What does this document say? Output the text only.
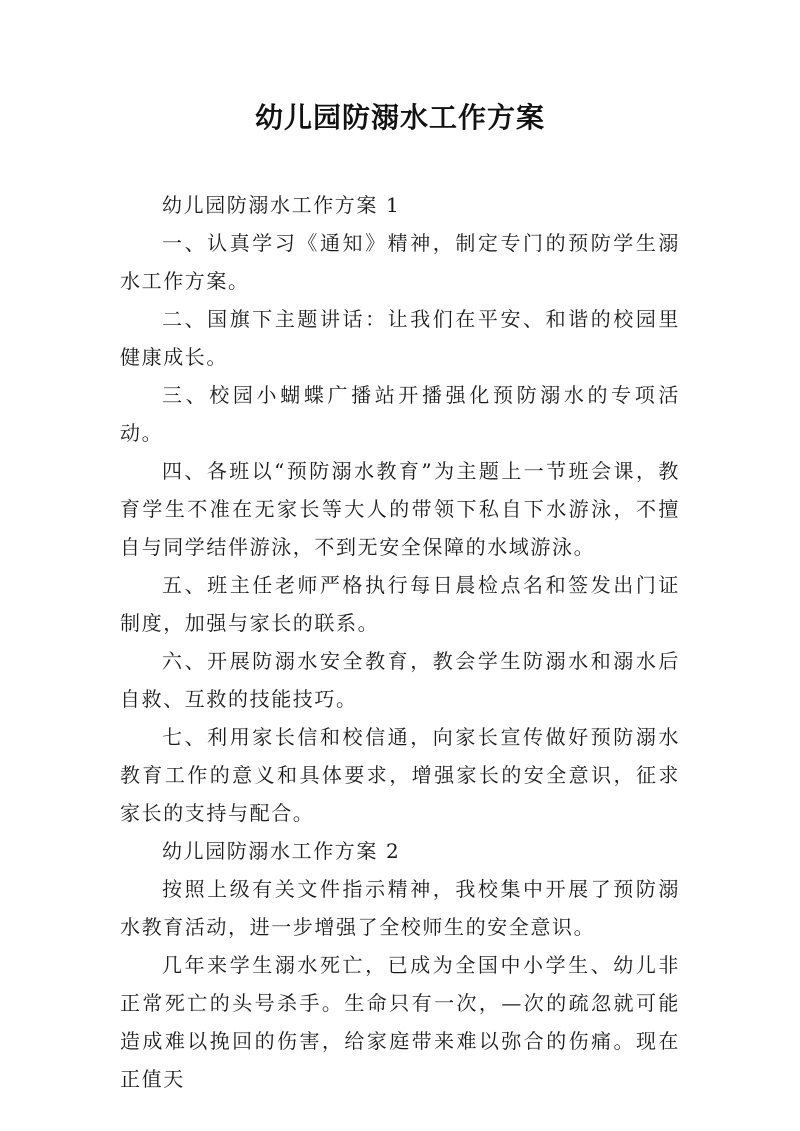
幼儿园防溺水工作方案

幼儿园防溺水工作方案 1

一、认真学习《通知》精神，制定专门的预防学生溺水工作方案。

二、国旗下主题讲话：让我们在平安、和谐的校园里健康成长。

三、校园小蝴蝶广播站开播强化预防溺水的专项活动。

四、各班以“预防溺水教育”为主题上一节班会课，教育学生不准在无家长等大人的带领下私自下水游泳，不擅自与同学结伴游泳，不到无安全保障的水域游泳。

五、班主任老师严格执行每日晨检点名和签发出门证制度，加强与家长的联系。

六、开展防溺水安全教育，教会学生防溺水和溺水后自救、互救的技能技巧。

七、利用家长信和校信通，向家长宣传做好预防溺水教育工作的意义和具体要求，增强家长的安全意识，征求家长的支持与配合。

幼儿园防溺水工作方案 2

按照上级有关文件指示精神，我校集中开展了预防溺水教育活动，进一步增强了全校师生的安全意识。

几年来学生溺水死亡，已成为全国中小学生、幼儿非正常死亡的头号杀手。生命只有一次，—次的疏忽就可能造成难以挽回的伤害，给家庭带来难以弥合的伤痛。现在正值天
